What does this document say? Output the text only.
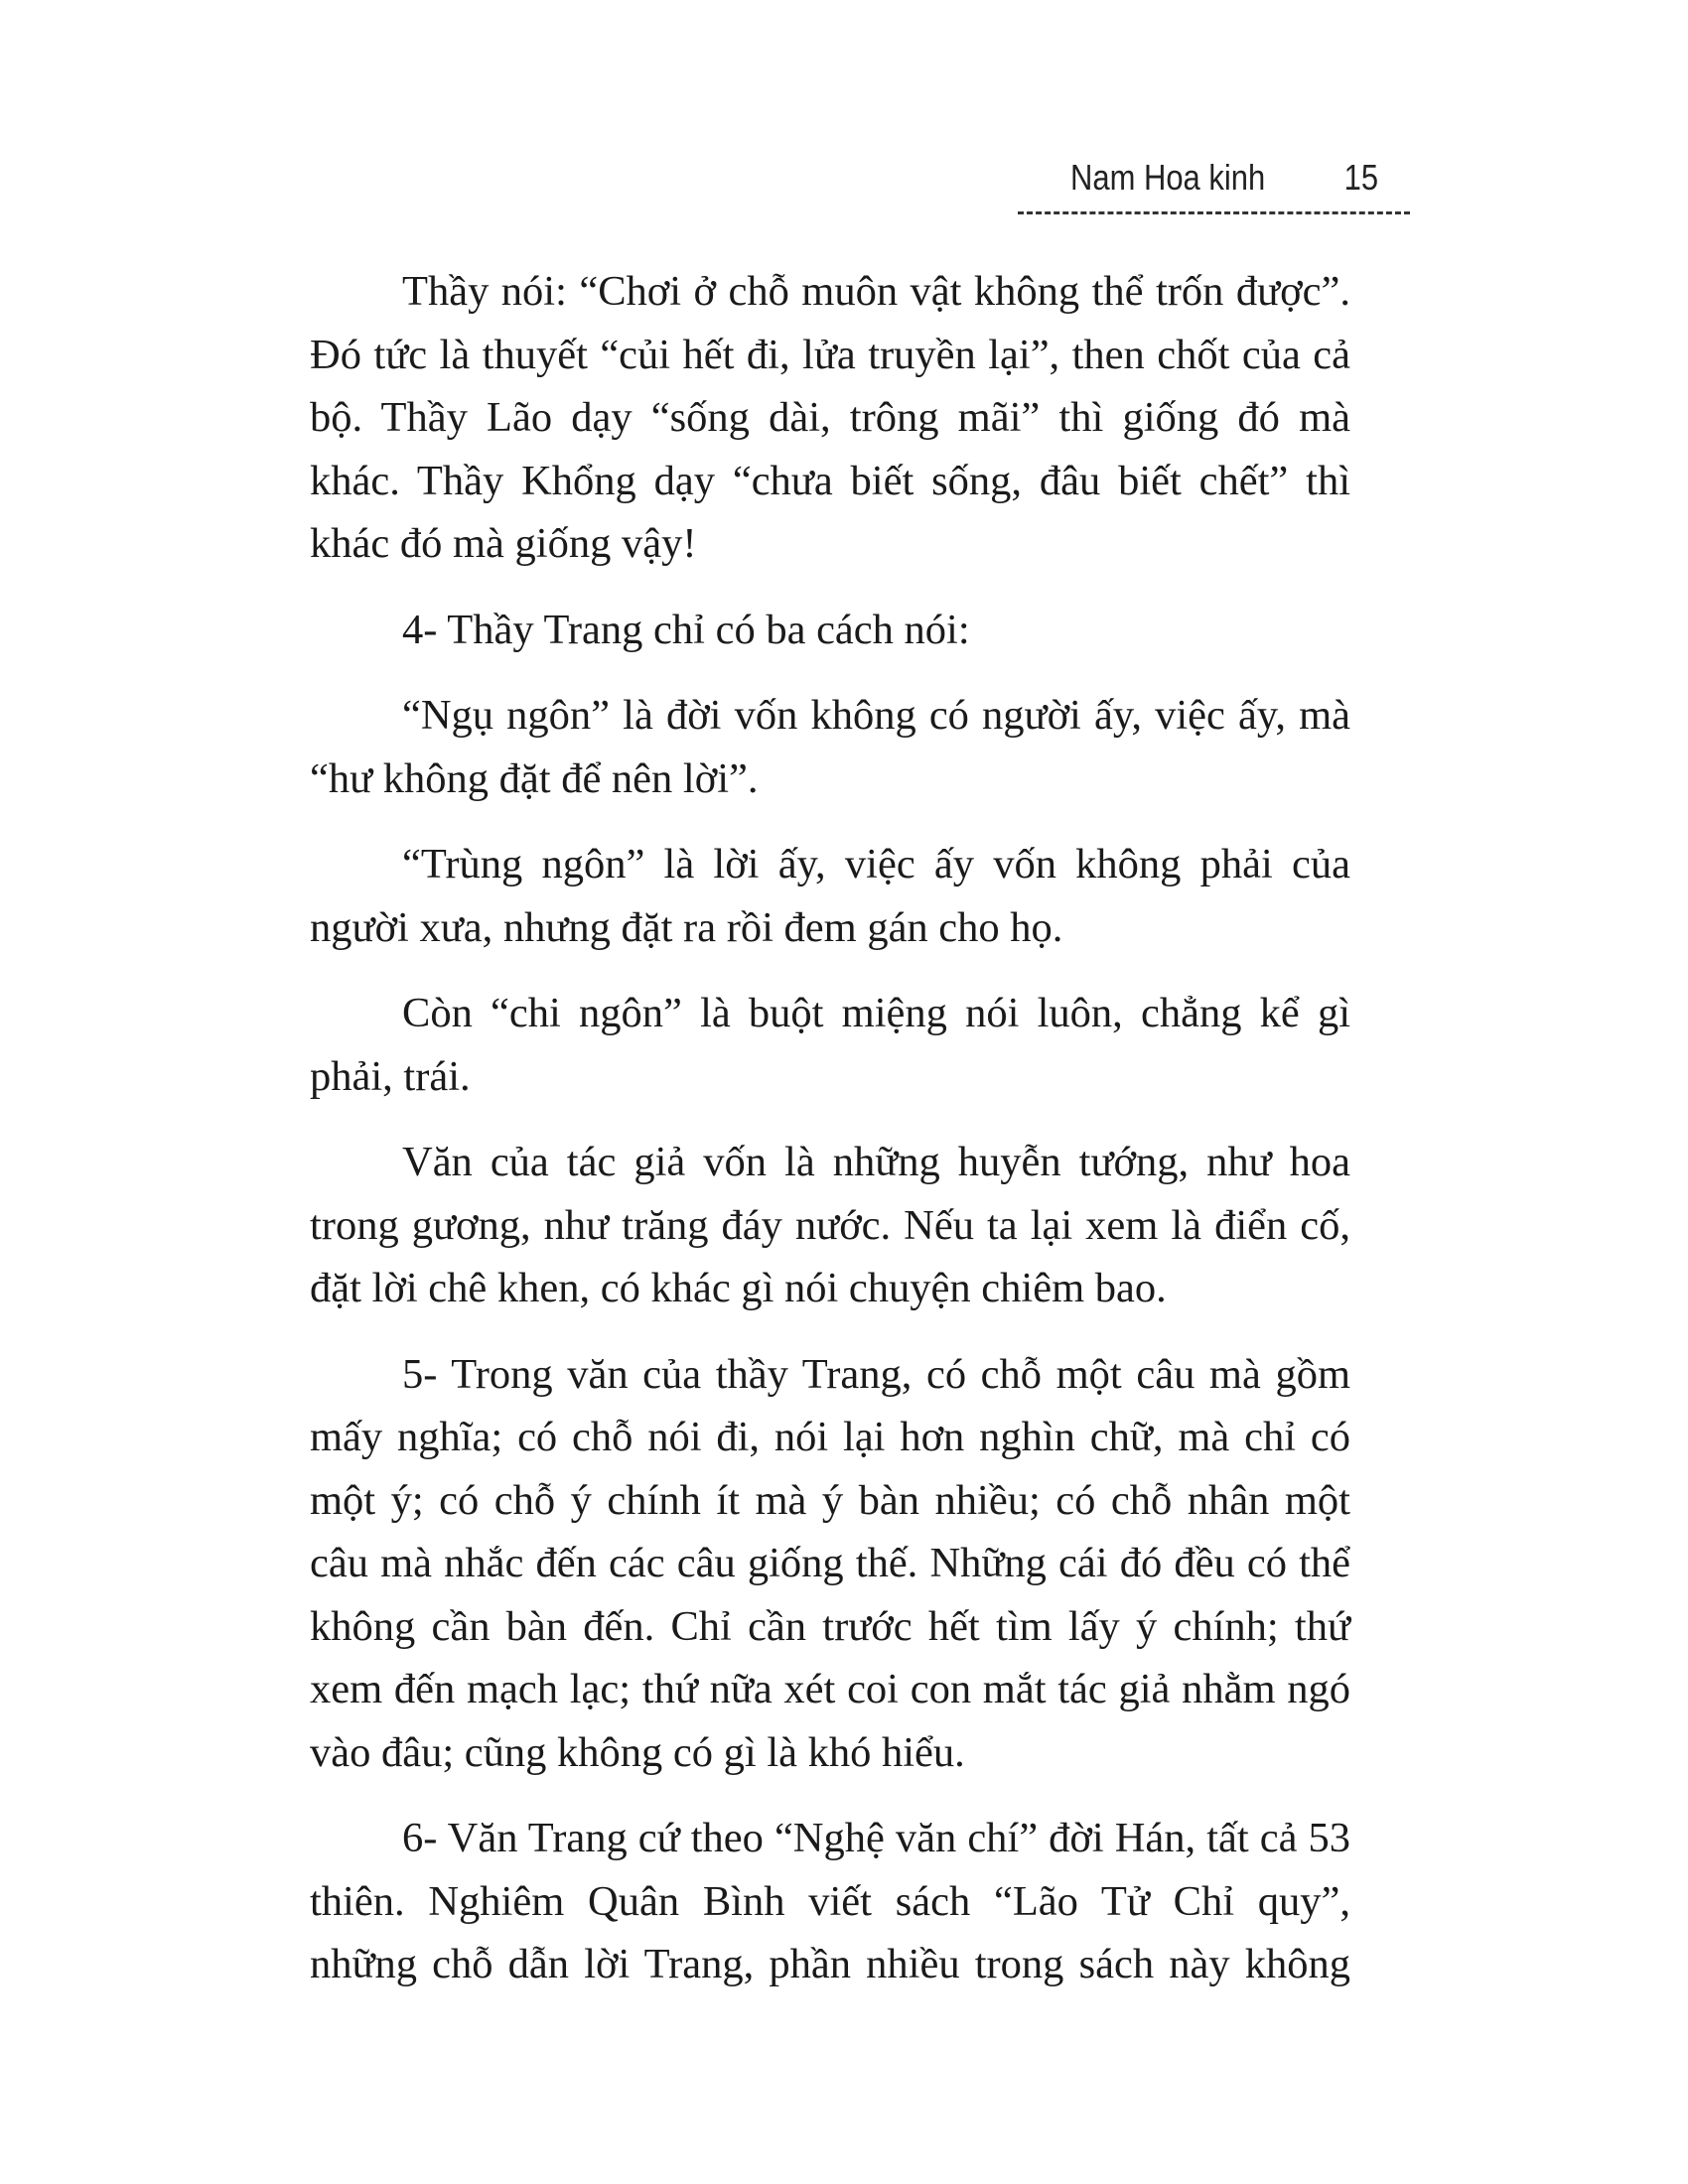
Nam Hoa kinh 15

Thầy nói: “Chơi ở chỗ muôn vật không thể trốn được”. Đó tức là thuyết “củi hết đi, lửa truyền lại”, then chốt của cả bộ. Thầy Lão dạy “sống dài, trông mãi” thì giống đó mà khác. Thầy Khổng dạy “chưa biết sống, đâu biết chết” thì khác đó mà giống vậy!

4- Thầy Trang chỉ có ba cách nói:

“Ngụ ngôn” là đời vốn không có người ấy, việc ấy, mà “hư không đặt để nên lời”.

“Trùng ngôn” là lời ấy, việc ấy vốn không phải của người xưa, nhưng đặt ra rồi đem gán cho họ.

Còn “chi ngôn” là buột miệng nói luôn, chẳng kể gì phải, trái.

Văn của tác giả vốn là những huyễn tướng, như hoa trong gương, như trăng đáy nước. Nếu ta lại xem là điển cố, đặt lời chê khen, có khác gì nói chuyện chiêm bao.

5- Trong văn của thầy Trang, có chỗ một câu mà gồm mấy nghĩa; có chỗ nói đi, nói lại hơn nghìn chữ, mà chỉ có một ý; có chỗ ý chính ít mà ý bàn nhiều; có chỗ nhân một câu mà nhắc đến các câu giống thế. Những cái đó đều có thể không cần bàn đến. Chỉ cần trước hết tìm lấy ý chính; thứ xem đến mạch lạc; thứ nữa xét coi con mắt tác giả nhằm ngó vào đâu; cũng không có gì là khó hiểu.

6- Văn Trang cứ theo “Nghệ văn chí” đời Hán, tất cả 53 thiên. Nghiêm Quân Bình viết sách “Lão Tử Chỉ quy”, những chỗ dẫn lời Trang, phần nhiều trong sách này không
